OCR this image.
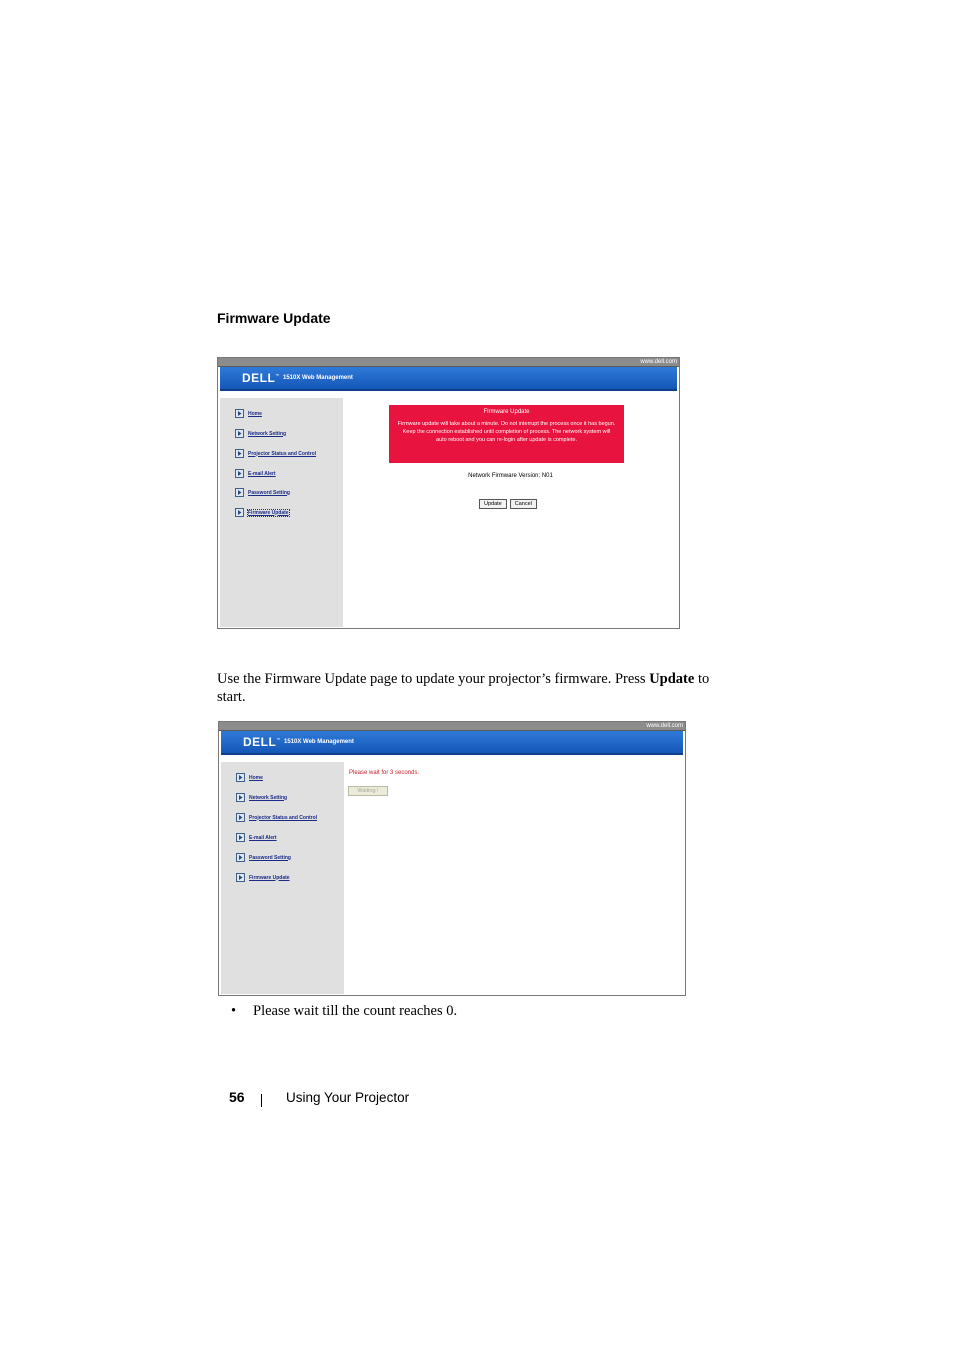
Firmware Update
www.dell.com
DELL™ 1510X Web Management
Home
Network Setting
Projector Status and Control
E-mail Alert
Password Setting
Firmware Update
Firmware Update
Firmware update will take about a minute. Do not interrupt the process once it has begun. Keep the connection established until completion of process. The network system will auto reboot and you can re-login after update is complete.
Network Firmware Version: N01
Update	Cancel
Use the Firmware Update page to update your projector’s firmware. Press Update to start.
www.dell.com
DELL™ 1510X Web Management
Home
Network Setting
Projector Status and Control
E-mail Alert
Password Setting
Firmware Update
Please wait for 3 seconds.
Waiting !
• Please wait till the count reaches 0.
56	Using Your Projector
